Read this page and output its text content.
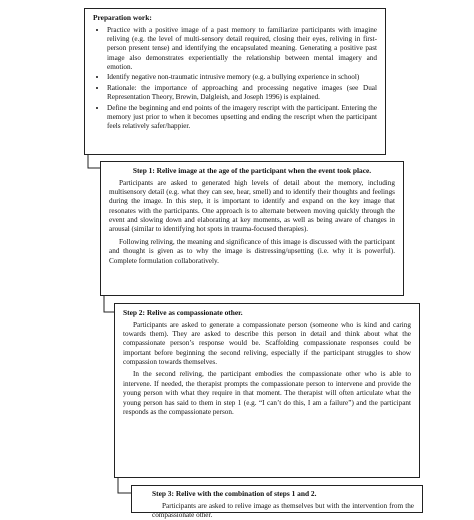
Preparation work:
• Practice with a positive image of a past memory to familiarize participants with imagine reliving (e.g. the level of multi-sensory detail required, closing their eyes, reliving in first-person present tense) and identifying the encapsulated meaning. Generating a positive past image also demonstrates experientially the relationship between mental imagery and emotion.
• Identify negative non-traumatic intrusive memory (e.g. a bullying experience in school)
• Rationale: the importance of approaching and processing negative images (see Dual Representation Theory, Brewin, Dalgleish, and Joseph 1996) is explained.
• Define the beginning and end points of the imagery rescript with the participant. Entering the memory just prior to when it becomes upsetting and ending the rescript when the participant feels relatively safer/happier.
Step 1: Relive image at the age of the participant when the event took place.

Participants are asked to generated high levels of detail about the memory, including multisensory detail (e.g. what they can see, hear, smell) and to identify their thoughts and feelings during the image. In this step, it is important to identify and expand on the key image that resonates with the participants. One approach is to alternate between moving quickly through the event and slowing down and elaborating at key moments, as well as being aware of changes in arousal (similar to identifying hot spots in trauma-focused therapies).

Following reliving, the meaning and significance of this image is discussed with the participant and thought is given as to why the image is distressing/upsetting (i.e. why it is powerful). Complete formulation collaboratively.

Step 2: Relive as compassionate other.

Participants are asked to generate a compassionate person (someone who is kind and caring towards them). They are asked to describe this person in detail and think about what the compassionate person’s response would be. Scaffolding compassionate responses could be important before beginning the second reliving, especially if the participant struggles to show compassion towards themselves.

In the second reliving, the participant embodies the compassionate other who is able to intervene. If needed, the therapist prompts the compassionate person to intervene and provide the young person with what they require in that moment. The therapist will often articulate what the young person has said to them in step 1 (e.g. “I can’t do this, I am a failure”) and the participant responds as the compassionate person.

Step 3: Relive with the combination of steps 1 and 2.

Participants are asked to relive image as themselves but with the intervention from the compassionate other.
